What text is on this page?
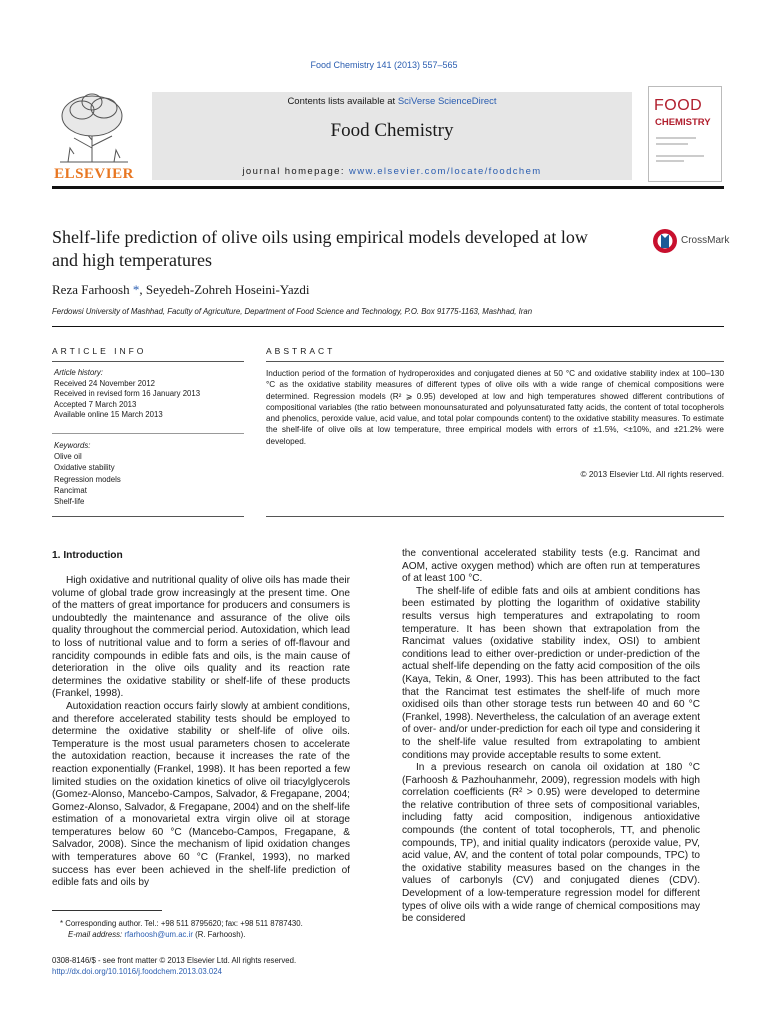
Food Chemistry 141 (2013) 557–565
ELSEVIER
Contents lists available at SciVerse ScienceDirect
Food Chemistry
journal homepage: www.elsevier.com/locate/foodchem
FOOD
CHEMISTRY
Shelf-life prediction of olive oils using empirical models developed at low and high temperatures
CrossMark
Reza Farhoosh *, Seyedeh-Zohreh Hoseini-Yazdi
Ferdowsi University of Mashhad, Faculty of Agriculture, Department of Food Science and Technology, P.O. Box 91775-1163, Mashhad, Iran
ARTICLE INFO
Article history:
Received 24 November 2012
Received in revised form 16 January 2013
Accepted 7 March 2013
Available online 15 March 2013
Keywords:
Olive oil
Oxidative stability
Regression models
Rancimat
Shelf-life
ABSTRACT
Induction period of the formation of hydroperoxides and conjugated dienes at 50 °C and oxidative stability index at 100–130 °C as the oxidative stability measures of different types of olive oils with a wide range of chemical compositions were determined. Regression models (R² ⩾ 0.95) developed at low and high temperatures showed different contributions of compositional variables (the ratio between monounsaturated and polyunsaturated fatty acids, the content of total tocopherols and phenolics, peroxide value, acid value, and total polar compounds content) to the oxidative stability measures. To estimate the shelf-life of olive oils at low temperature, three empirical models with errors of ±1.5%, <±10%, and ±21.2% were developed.
© 2013 Elsevier Ltd. All rights reserved.
1. Introduction

High oxidative and nutritional quality of olive oils has made their volume of global trade grow increasingly at the present time. One of the matters of great importance for producers and consumers is undoubtedly the maintenance and assurance of the olive oils quality throughout the commercial period. Autoxidation, which lead to loss of nutritional value and to form a series of off-flavour and rancidity compounds in edible fats and oils, is the main cause of deterioration in the olive oils quality and its reaction rate determines the oxidative stability or shelf-life of these products (Frankel, 1998).

Autoxidation reaction occurs fairly slowly at ambient conditions, and therefore accelerated stability tests should be employed to determine the oxidative stability or shelf-life of olive oils. Temperature is the most usual parameters chosen to accelerate the autoxidation reaction, because it increases the rate of the reaction exponentially (Frankel, 1998). It has been reported a few limited studies on the oxidation kinetics of olive oil triacylglycerols (Gomez-Alonso, Mancebo-Campos, Salvador, & Fregapane, 2004; Gomez-Alonso, Salvador, & Fregapane, 2004) and on the shelf-life estimation of a monovarietal extra virgin olive oil at storage temperatures below 60 °C (Mancebo-Campos, Fregapane, & Salvador, 2008). Since the mechanism of lipid oxidation changes with temperatures above 60 °C (Frankel, 1993), no marked success has ever been achieved in the shelf-life prediction of edible fats and oils by

the conventional accelerated stability tests (e.g. Rancimat and AOM, active oxygen method) which are often run at temperatures of at least 100 °C.

The shelf-life of edible fats and oils at ambient conditions has been estimated by plotting the logarithm of oxidative stability results versus high temperatures and extrapolating to room temperature. It has been shown that extrapolation from the Rancimat values (oxidative stability index, OSI) to ambient conditions lead to either over-prediction or under-prediction of the actual shelf-life depending on the fatty acid composition of the oils (Kaya, Tekin, & Oner, 1993). This has been attributed to the fact that the Rancimat test estimates the shelf-life of much more oxidised oils than other storage tests run between 40 and 60 °C (Frankel, 1998). Nevertheless, the calculation of an average extent of over- and/or under-prediction for each oil type and considering it to the shelf-life value resulted from extrapolating to ambient conditions may provide acceptable results to some extent.

In a previous research on canola oil oxidation at 180 °C (Farhoosh & Pazhouhanmehr, 2009), regression models with high correlation coefficients (R² > 0.95) were developed to determine the relative contribution of three sets of compositional variables, including fatty acid composition, indigenous antioxidative compounds (the content of total tocopherols, TT, and phenolic compounds, TP), and initial quality indicators (peroxide value, PV, acid value, AV, and the content of total polar compounds, TPC) to the oxidative stability measures based on the changes in the values of carbonyls (CV) and conjugated dienes (CDV). Development of a low-temperature regression model for different types of olive oils with a wide range of chemical compositions may be considered

* Corresponding author. Tel.: +98 511 8795620; fax: +98 511 8787430.
E-mail address: rfarhoosh@um.ac.ir (R. Farhoosh).
0308-8146/$ - see front matter © 2013 Elsevier Ltd. All rights reserved.
http://dx.doi.org/10.1016/j.foodchem.2013.03.024
